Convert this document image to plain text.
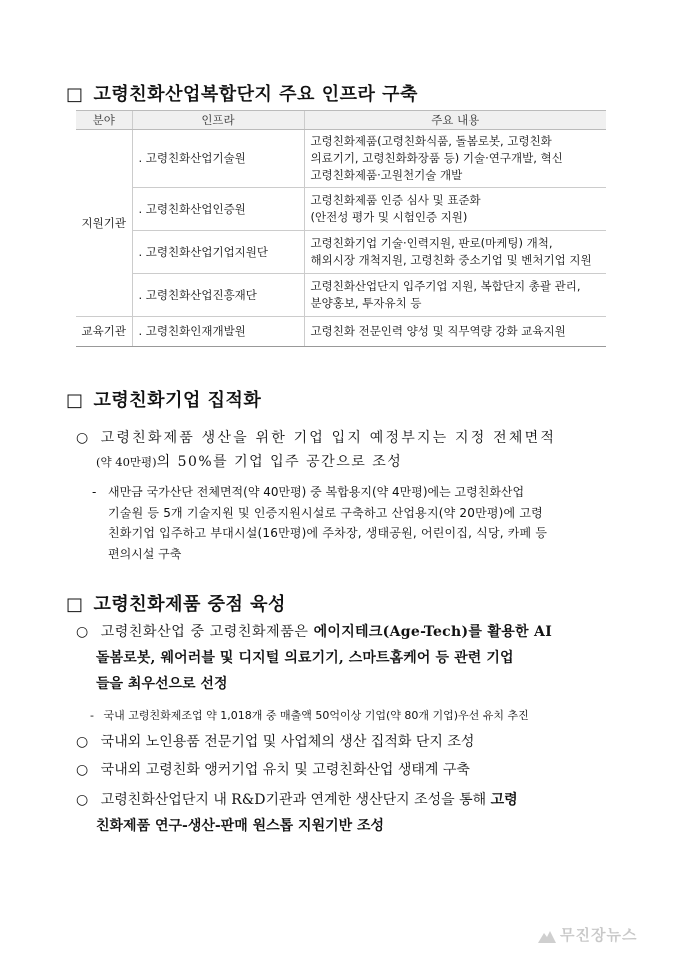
□ 고령친화산업복합단지 주요 인프라 구축
분야	인프라	주요 내용
지원기관	. 고령친화산업기술원	고령친화제품(고령친화식품, 돌봄로봇, 고령친화
의료기기, 고령친화화장품 등) 기술·연구개발, 혁신
고령친화제품·고원천기술 개발

	. 고령친화산업인증원	고령친화제품 인증 심사 및 표준화
(안전성 평가 및 시험인증 지원)

	. 고령친화산업기업지원단	고령친화기업 기술·인력지원, 판로(마케팅) 개척,
해외시장 개척지원, 고령친화 중소기업 및 벤처기업 지원

	. 고령친화산업진흥재단	고령친화산업단지 입주기업 지원, 복합단지 총괄 관리,
분양홍보, 투자유치 등

교육기관	. 고령친화인재개발원	고령친화 전문인력 양성 및 직무역량 강화 교육지원
□ 고령친화기업 집적화
○ 고령친화제품 생산을 위한 기업 입지 예정부지는 지정 전체면적
(약 40만평)의 50%를 기업 입주 공간으로 조성
- 새만금 국가산단 전체면적(약 40만평) 중 복합용지(약 4만평)에는 고령친화산업
기술원 등 5개 기술지원 및 인증지원시설로 구축하고 산업용지(약 20만평)에 고령
친화기업 입주하고 부대시설(16만평)에 주차장, 생태공원, 어린이집, 식당, 카페 등
편의시설 구축
□ 고령친화제품 중점 육성
○ 고령친화산업 중 고령친화제품은 에이지테크(Age-Tech)를 활용한 AI
돌봄로봇, 웨어러블 및 디지털 의료기기, 스마트홈케어 등 관련 기업
들을 최우선으로 선정
- 국내 고령친화제조업 약 1,018개 중 매출액 50억이상 기업(약 80개 기업)우선 유치 추진
○ 국내외 노인용품 전문기업 및 사업체의 생산 집적화 단지 조성
○ 국내외 고령친화 앵커기업 유치 및 고령친화산업 생태계 구축
○ 고령친화산업단지 내 R&D기관과 연계한 생산단지 조성을 통해 고령
친화제품 연구-생산-판매 원스톱 지원기반 조성
무진장뉴스
